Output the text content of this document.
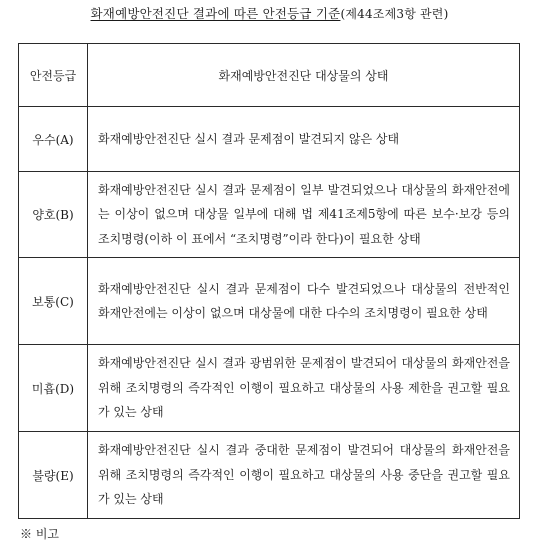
화재예방안전진단 결과에 따른 안전등급 기준(제44조제3항 관련)
안전등급	화재예방안전진단 대상물의 상태
우수(A)	화재예방안전진단 실시 결과 문제점이 발견되지 않은 상태
양호(B)	화재예방안전진단 실시 결과 문제점이 일부 발견되었으나 대상물의 화재안전에는 이상이 없으며 대상물 일부에 대해 법 제41조제5항에 따른 보수·보강 등의 조치명령(이하 이 표에서 “조치명령”이라 한다)이 필요한 상태
보통(C)	화재예방안전진단 실시 결과 문제점이 다수 발견되었으나 대상물의 전반적인 화재안전에는 이상이 없으며 대상물에 대한 다수의 조치명령이 필요한 상태
미흡(D)	화재예방안전진단 실시 결과 광범위한 문제점이 발견되어 대상물의 화재안전을 위해 조치명령의 즉각적인 이행이 필요하고 대상물의 사용 제한을 권고할 필요가 있는 상태
불량(E)	화재예방안전진단 실시 결과 중대한 문제점이 발견되어 대상물의 화재안전을 위해 조치명령의 즉각적인 이행이 필요하고 대상물의 사용 중단을 권고할 필요가 있는 상태
※ 비고
